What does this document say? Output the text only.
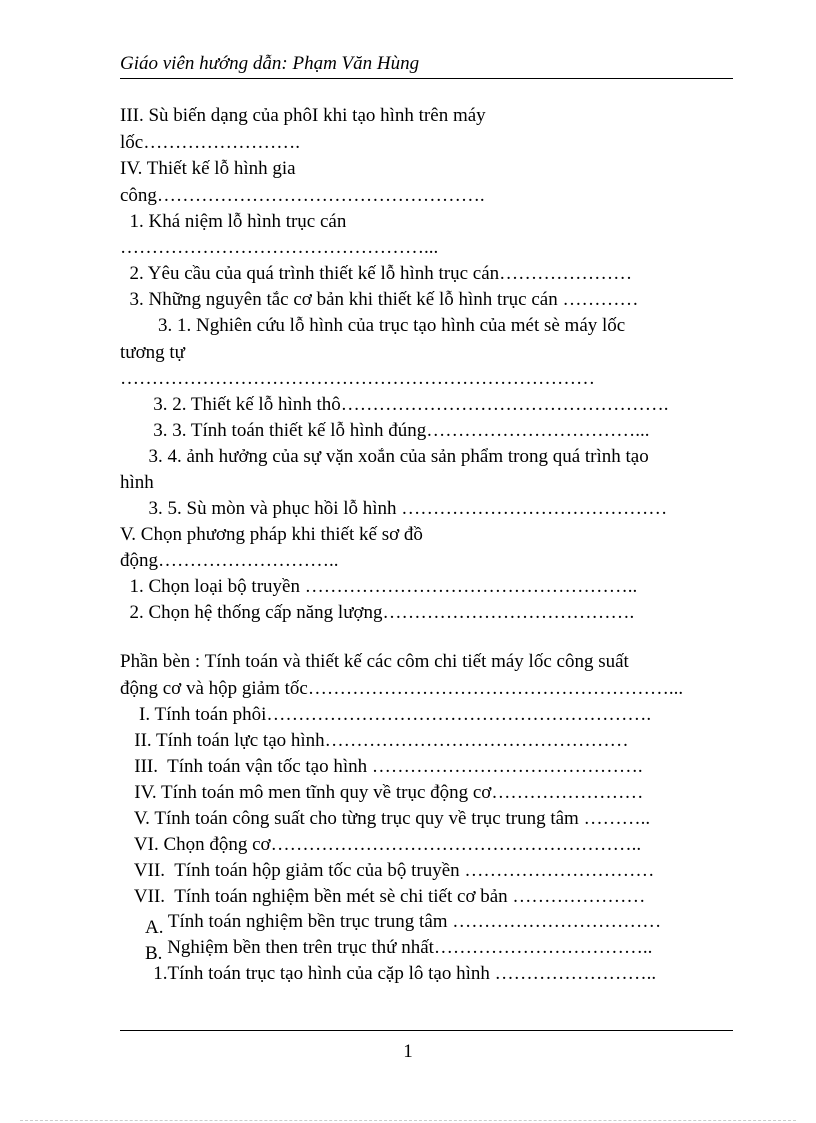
Giáo viên hướng dẫn: Phạm Văn Hùng
III. Sù biến dạng của phôI khi tạo hình trên máy
lốc…………………….
IV. Thiết kế lỗ hình gia
công…………………………………………….
1. Khá niệm lỗ hình trục cán
…………………………………………...
2. Yêu cầu của quá trình thiết kế lỗ hình trục cán…………………
3. Những nguyên tắc cơ bản khi thiết kế lỗ hình trục cán …………
3. 1. Nghiên cứu lỗ hình của trục tạo hình của mét sè máy lốc
tương tự
…………………………………………………………………
3. 2. Thiết kế lỗ hình thô…………………………………………….
3. 3. Tính toán thiết kế lỗ hình đúng……………………………...
3. 4. ảnh hưởng của sự vặn xoắn của sản phẩm trong quá trình tạo
hình
3. 5. Sù mòn và phục hồi lỗ hình ……………………………………
V. Chọn phương pháp khi thiết kế sơ đồ
động………………………..
1. Chọn loại bộ truyền ……………………………………………..
2. Chọn hệ thống cấp năng lượng………………………………….
Phần bèn : Tính toán và thiết kế các côm chi tiết máy lốc công suất
động cơ và hộp giảm tốc…………………………………………………...
I. Tính toán phôi…………………………………………………….
II. Tính toán lực tạo hình…………………………………………
III.  Tính toán vận tốc tạo hình …………………………………….
IV. Tính toán mô men tĩnh quy về trục động cơ……………………
V. Tính toán công suất cho từng trục quy về trục trung tâm ………..
VI. Chọn động cơ…………………………………………………..
VII.  Tính toán hộp giảm tốc của bộ truyền …………………………
VII.  Tính toán nghiệm bền mét sè chi tiết cơ bản …………………
A. Tính toán nghiệm bền trục trung tâm ……………………………
B. Nghiệm bền then trên trục thứ nhất……………………………..
1.Tính toán trục tạo hình của cặp lô tạo hình ……………………..
1
